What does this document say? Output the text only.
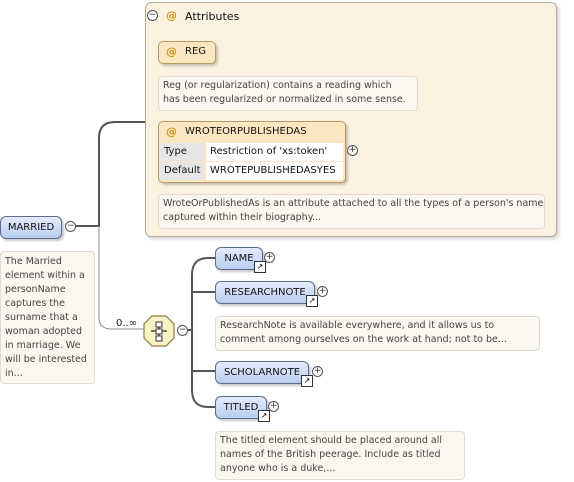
− @ Attributes
@ REG
Reg (or regularization) contains a reading which
has been regularized or normalized in some sense.
@ WROTEORPUBLISHEDAS
Type Restriction of 'xs:token'
Default WROTEPUBLISHEDASYES
+
WroteOrPublishedAs is an attribute attached to all the types of a person's name
captured within their biography...
MARRIED	−
The Married
element within a
personName
captures the
surname that a
woman adopted
in marriage. We
will be interested
in...
0..∞
−
NAME
↗
+
RESEARCHNOTE
↗
+
ResearchNote is available everywhere, and it allows us to
comment among ourselves on the work at hand; not to be...
SCHOLARNOTE
↗
+
TITLED
↗
+
The titled element should be placed around all
names of the British peerage. Include as titled
anyone who is a duke,...
